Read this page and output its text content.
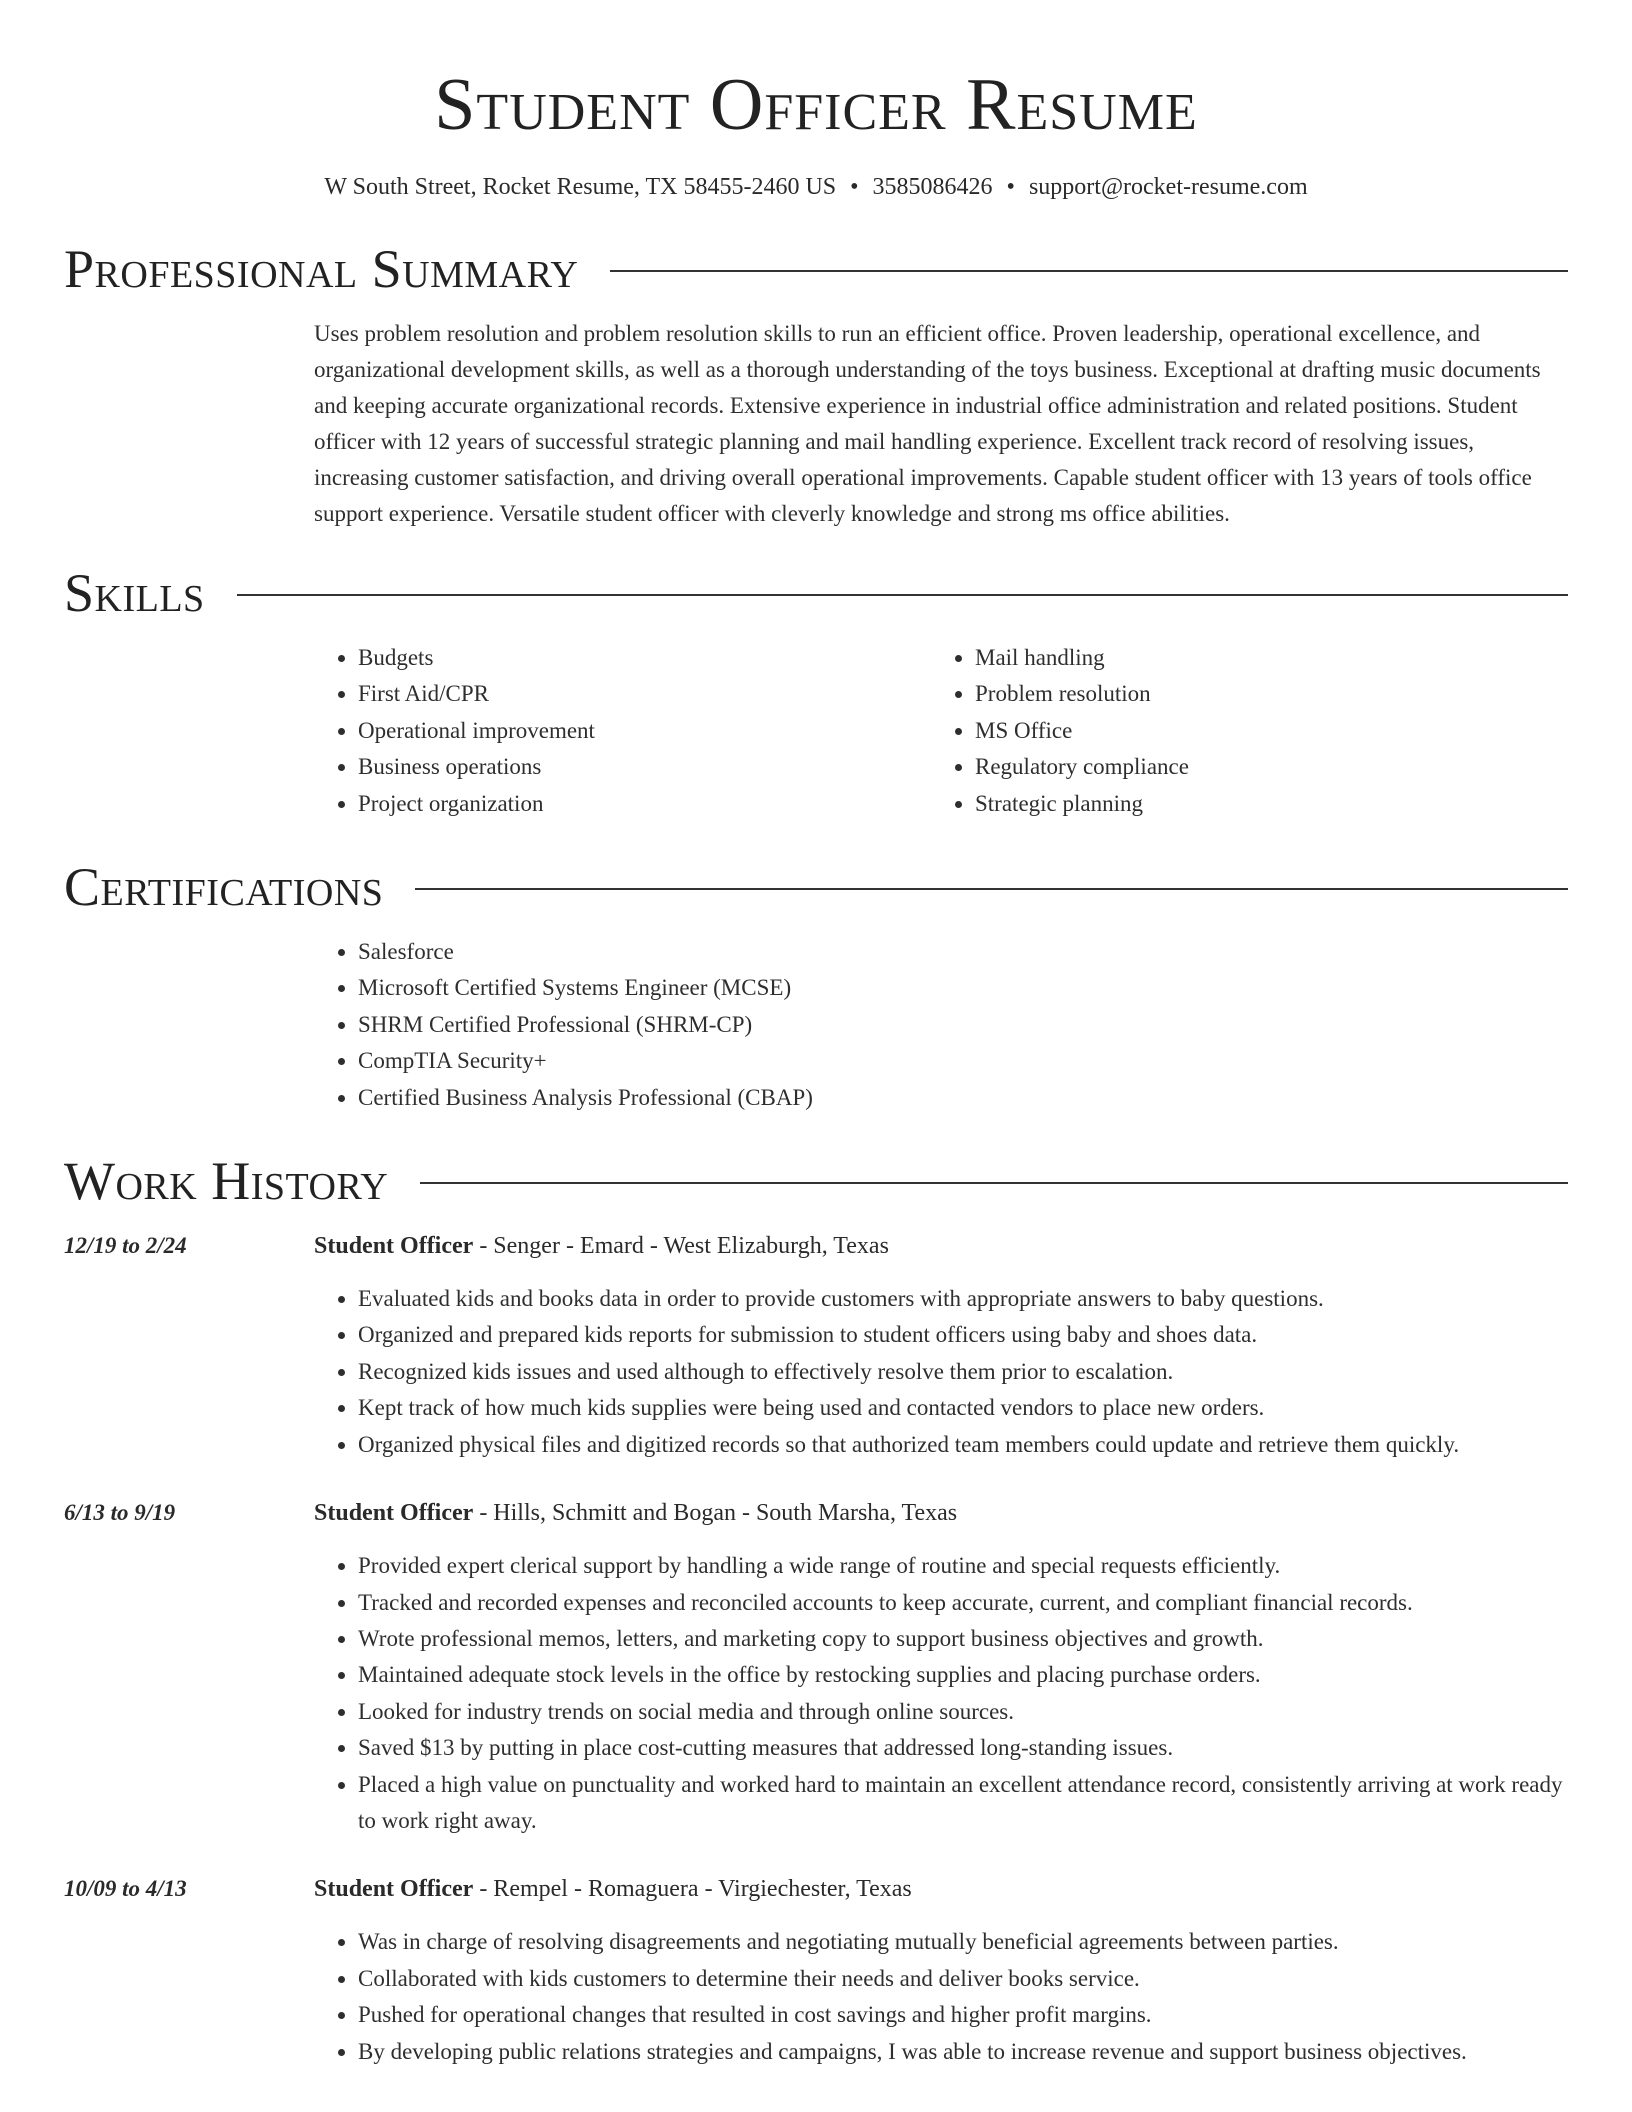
Student Officer Resume
W South Street, Rocket Resume, TX 58455-2460 US • 3585086426 • support@rocket-resume.com
Professional Summary

Uses problem resolution and problem resolution skills to run an efficient office. Proven leadership, operational excellence, and organizational development skills, as well as a thorough understanding of the toys business. Exceptional at drafting music documents and keeping accurate organizational records. Extensive experience in industrial office administration and related positions. Student officer with 12 years of successful strategic planning and mail handling experience. Excellent track record of resolving issues, increasing customer satisfaction, and driving overall operational improvements. Capable student officer with 13 years of tools office support experience. Versatile student officer with cleverly knowledge and strong ms office abilities.

Skills
• Budgets
• First Aid/CPR
• Operational improvement
• Business operations
• Project organization
• Mail handling
• Problem resolution
• MS Office
• Regulatory compliance
• Strategic planning
Certifications
• Salesforce
• Microsoft Certified Systems Engineer (MCSE)
• SHRM Certified Professional (SHRM-CP)
• CompTIA Security+
• Certified Business Analysis Professional (CBAP)
Work History
12/19 to 2/24	Student Officer - Senger - Emard - West Elizaburgh, Texas
• Evaluated kids and books data in order to provide customers with appropriate answers to baby questions.
• Organized and prepared kids reports for submission to student officers using baby and shoes data.
• Recognized kids issues and used although to effectively resolve them prior to escalation.
• Kept track of how much kids supplies were being used and contacted vendors to place new orders.
• Organized physical files and digitized records so that authorized team members could update and retrieve them quickly.
6/13 to 9/19	Student Officer - Hills, Schmitt and Bogan - South Marsha, Texas
• Provided expert clerical support by handling a wide range of routine and special requests efficiently.
• Tracked and recorded expenses and reconciled accounts to keep accurate, current, and compliant financial records.
• Wrote professional memos, letters, and marketing copy to support business objectives and growth.
• Maintained adequate stock levels in the office by restocking supplies and placing purchase orders.
• Looked for industry trends on social media and through online sources.
• Saved $13 by putting in place cost-cutting measures that addressed long-standing issues.
• Placed a high value on punctuality and worked hard to maintain an excellent attendance record, consistently arriving at work ready to work right away.
10/09 to 4/13	Student Officer - Rempel - Romaguera - Virgiechester, Texas
• Was in charge of resolving disagreements and negotiating mutually beneficial agreements between parties.
• Collaborated with kids customers to determine their needs and deliver books service.
• Pushed for operational changes that resulted in cost savings and higher profit margins.
• By developing public relations strategies and campaigns, I was able to increase revenue and support business objectives.
